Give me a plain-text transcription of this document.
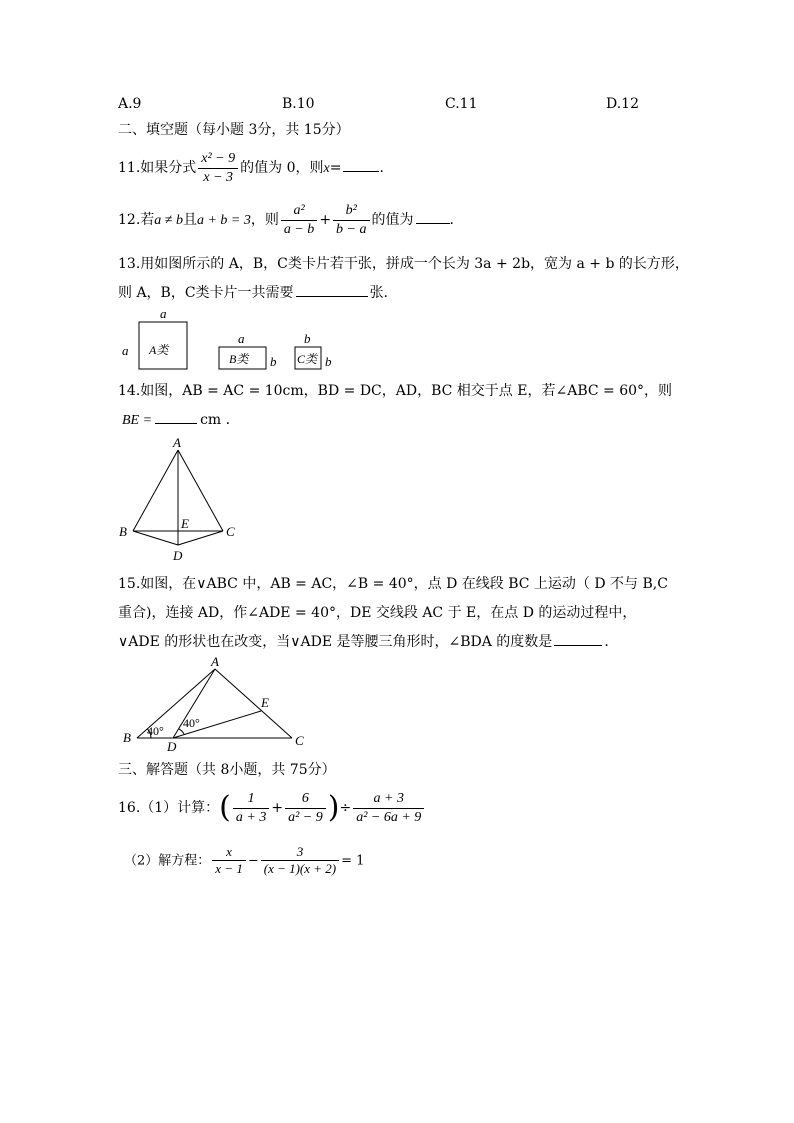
A.9	B.10	C.11	D.12
二、填空题（每小题 3分，共 15分）
11.如果分式 $\frac{\text{x² − 9}}{x - 3}$ 的值为 0，则x=	.
12.若a ≠ b且a + b = 3，则 $\frac{\text{a²}}{a - b} + \frac{\text{b²}}{b - a}$ 的值为	.
13.用如图所示的 A，B，C类卡片若干张，拼成一个长为 3a + 2b，宽为 a + b 的长方形，
则 A，B，C类卡片一共需要	张.
a
a A类
a
B类 b
b
C类 b
14.如图，AB = AC = 10cm，BD = DC，AD，BC 相交于点 E，若∠ABC = 60°，则
BE =	cm .
A
B	C
D
E
15.如图，在∨ABC 中，AB = AC，∠B = 40°，点 D 在线段 BC 上运动（ D 不与 B,C
重合)，连接 AD，作∠ADE = 40°，DE 交线段 AC 于 E，在点 D 的运动过程中，
∨ADE 的形状也在改变，当∨ADE 是等腰三角形时，∠BDA 的度数是	.
A
B	C
D
E
40°
40°
三、解答题（共 8小题，共 75分）
16.（1）计算：( $\frac{1}{a + 3} + \frac{6}{\text{a² − 9}}$ )÷ $\frac{a + 3}{\text{a² − 6a + 9}}$
（2）解方程： $\frac{x}{x - 1} - \frac{3}{(x - 1)(x + 2)} = 1$
